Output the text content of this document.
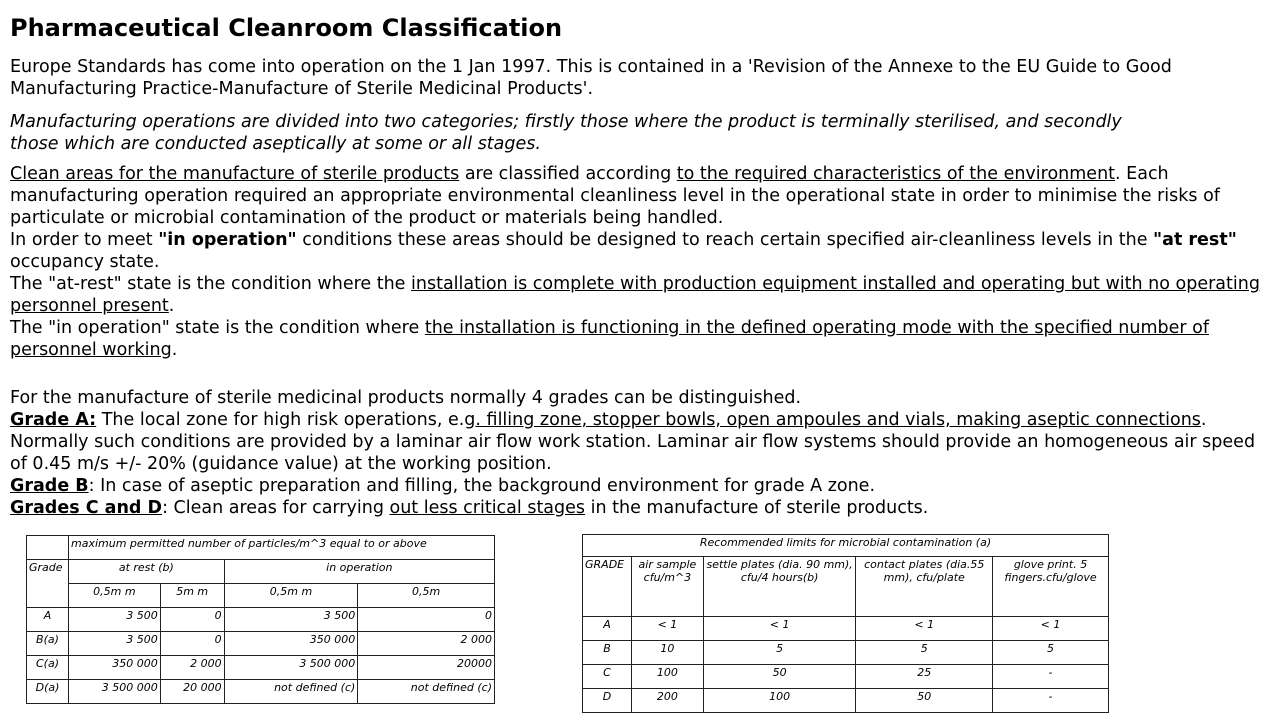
Pharmaceutical Cleanroom Classification

Europe Standards has come into operation on the 1 Jan 1997. This is contained in a 'Revision of the Annexe to the EU Guide to Good Manufacturing Practice-Manufacture of Sterile Medicinal Products'.

Manufacturing operations are divided into two categories; firstly those where the product is terminally sterilised, and secondly those which are conducted aseptically at some or all stages.

Clean areas for the manufacture of sterile products are classified according to the required characteristics of the environment. Each manufacturing operation required an appropriate environmental cleanliness level in the operational state in order to minimise the risks of particulate or microbial contamination of the product or materials being handled.
In order to meet "in operation" conditions these areas should be designed to reach certain specified air-cleanliness levels in the "at rest" occupancy state.
The "at-rest" state is the condition where the installation is complete with production equipment installed and operating but with no operating personnel present.
The "in operation" state is the condition where the installation is functioning in the defined operating mode with the specified number of personnel working.
For the manufacture of sterile medicinal products normally 4 grades can be distinguished.
Grade A: The local zone for high risk operations, e.g. filling zone, stopper bowls, open ampoules and vials, making aseptic connections. Normally such conditions are provided by a laminar air flow work station. Laminar air flow systems should provide an homogeneous air speed of 0.45 m/s +/- 20% (guidance value) at the working position.
Grade B: In case of aseptic preparation and filling, the background environment for grade A zone.
Grades C and D: Clean areas for carrying out less critical stages in the manufacture of sterile products.
	maximum permitted number of particles/m^3 equal to or above			
Grade	at rest (b)		in operation	
	0,5m m	5m m	0,5m m	0,5m
A	3 500	0	3 500	0
B(a)	3 500	0	350 000	2 000
C(a)	350 000	2 000	3 500 000	20000
D(a)	3 500 000	20 000	not defined (c)	not defined (c)
Recommended limits for microbial contamination (a)				
GRADE	air sample cfu/m^3	settle plates (dia. 90 mm), cfu/4 hours(b)	contact plates (dia.55 mm), cfu/plate	glove print. 5 fingers.cfu/glove
A	< 1	< 1	< 1	< 1
B	10	5	5	5
C	100	50	25	-
D	200	100	50	-
